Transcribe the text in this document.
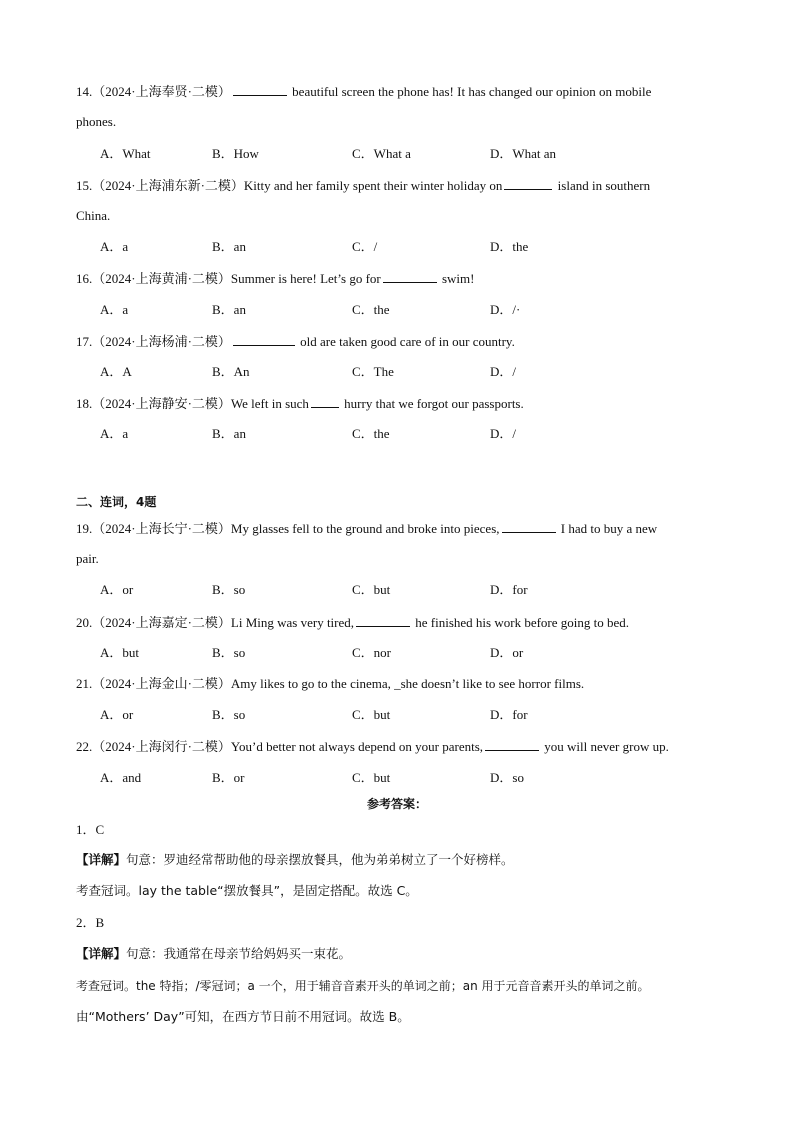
14.（2024·上海奉贤·二模）	beautiful screen the phone has! It has changed our opinion on mobile
phones.
A．What	B．How	C．What a	D．What an
15.（2024·上海浦东新·二模）Kitty and her family spent their winter holiday on	island in southern
China.
A．a	B．an	C．/	D．the
16.（2024·上海黄浦·二模）Summer is here! Let’s go for	swim!
A．a	B．an	C．the	D．/·
17.（2024·上海杨浦·二模）	old are taken good care of in our country.
A．A	B．An	C．The	D．/
18.（2024·上海静安·二模）We left in such	hurry that we forgot our passports.
A．a	B．an	C．the	D．/
二、连词，4题
19.（2024·上海长宁·二模）My glasses fell to the ground and broke into pieces,	I had to buy a new
pair.
A．or	B．so	C．but	D．for
20.（2024·上海嘉定·二模）Li Ming was very tired,	he finished his work before going to bed.
A．but	B．so	C．nor	D．or
21.（2024·上海金山·二模）Amy likes to go to the cinema, _she doesn’t like to see horror films.
A．or	B．so	C．but	D．for
22.（2024·上海闵行·二模）You’d better not always depend on your parents,	you will never grow up.
A．and	B．or	C．but	D．so
参考答案：
1．C
【详解】句意：罗迪经常帮助他的母亲摆放餐具，他为弟弟树立了一个好榜样。
考查冠词。lay the table“摆放餐具”，是固定搭配。故选 C。
2．B
【详解】句意：我通常在母亲节给妈妈买一束花。
考查冠词。the 特指；/零冠词；a 一个，用于辅音音素开头的单词之前；an 用于元音音素开头的单词之前。
由“Mothers’ Day”可知，在西方节日前不用冠词。故选 B。
